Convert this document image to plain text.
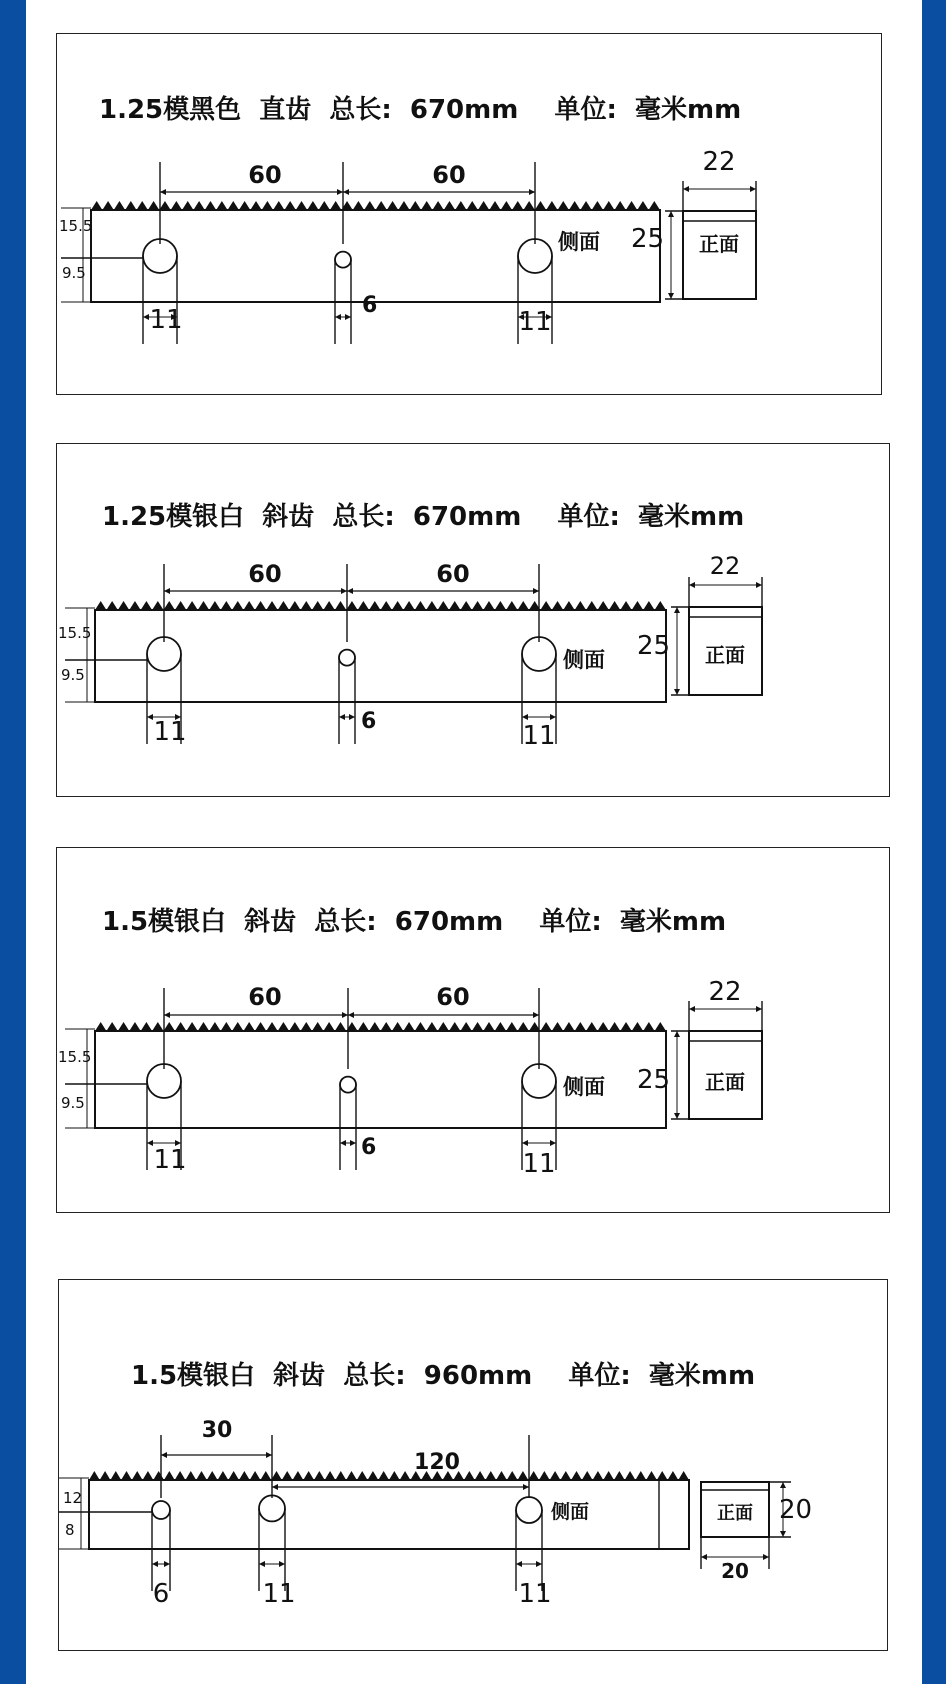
1.25模黑色  直齿  总长:  670mm    单位:  毫米mm
60	60
15.5
9.5
11	6
11
侧面	正面
22
25
1.25模银白  斜齿  总长:  670mm    单位:  毫米mm
60	60
15.5
9.5
11	6	11
侧面	正面
22
25
1.5模银白  斜齿  总长:  670mm    单位:  毫米mm
60	60
15.5
9.5
11	6
11
侧面	正面
22
25
1.5模银白  斜齿  总长:  960mm    单位:  毫米mm
30
120
12
8
6	11	11
侧面	正面
20
20
